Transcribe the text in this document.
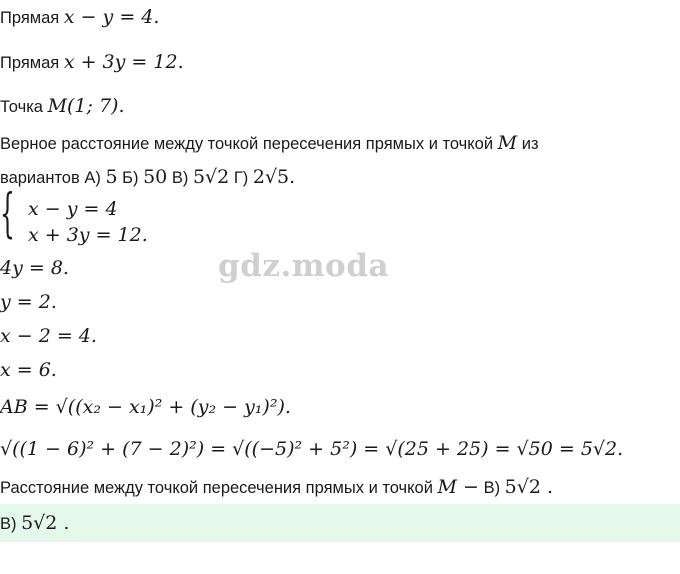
Прямая x − y = 4.
Прямая x + 3y = 12.
Точка M(1; 7).
Верное расстояние между точкой пересечения прямых и точкой M из
вариантов А) 5 Б) 50 В) 5√2 Г) 2√5.
{ x − y = 4
x + 3y = 12.
4y = 8.
y = 2.
x − 2 = 4.
x = 6.
AB = √((x₂ − x₁)² + (y₂ − y₁)²).
√((1 − 6)² + (7 − 2)²) = √((−5)² + 5²) = √(25 + 25) = √50 = 5√2.
Расстояние между точкой пересечения прямых и точкой M − В) 5√2 .
В) 5√2 .
gdz.moda
